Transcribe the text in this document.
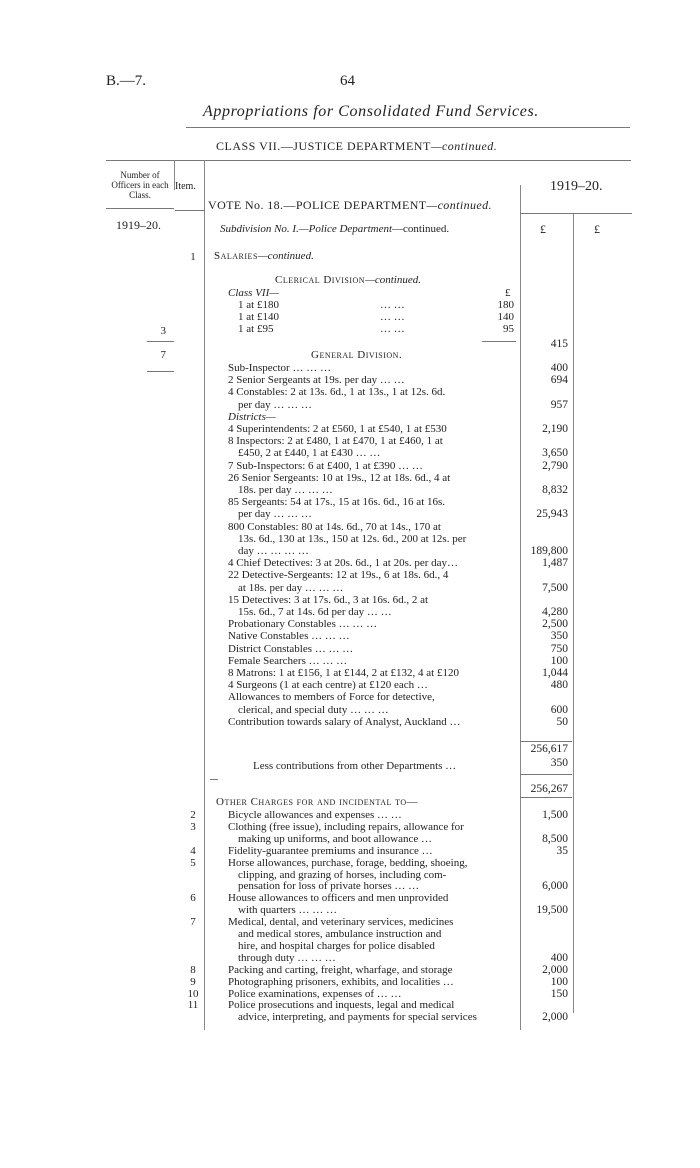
B.—7.	64
Appropriations for Consolidated Fund Services.
CLASS VII.—JUSTICE DEPARTMENT—continued.
Number of Officers in each Class.
Item.	1919–20.
VOTE No. 18.—POLICE DEPARTMENT—continued.
1919–20.	Subdivision No. I.—Police Department—continued.	£	£
1	Salaries—continued.
Clerical Division—continued.
Class VII—	£
1 at £180	… …	180
1 at £140	… …	140
1 at £95	… …	95
3
415
7	General Division.
Sub-Inspector … … …	400
2 Senior Sergeants at 19s. per day … …	694
4 Constables: 2 at 13s. 6d., 1 at 13s., 1 at 12s. 6d.
per day … … …	957
Districts—
4 Superintendents: 2 at £560, 1 at £540, 1 at £530	2,190
8 Inspectors: 2 at £480, 1 at £470, 1 at £460, 1 at
£450, 2 at £440, 1 at £430 … …	3,650
7 Sub-Inspectors: 6 at £400, 1 at £390 … …	2,790
26 Senior Sergeants: 10 at 19s., 12 at 18s. 6d., 4 at
18s. per day … … …	8,832
85 Sergeants: 54 at 17s., 15 at 16s. 6d., 16 at 16s.
per day … … …	25,943
800 Constables: 80 at 14s. 6d., 70 at 14s., 170 at
13s. 6d., 130 at 13s., 150 at 12s. 6d., 200 at 12s. per
day … … … …	189,800
4 Chief Detectives: 3 at 20s. 6d., 1 at 20s. per day…	1,487
22 Detective-Sergeants: 12 at 19s., 6 at 18s. 6d., 4
at 18s. per day … … …	7,500
15 Detectives: 3 at 17s. 6d., 3 at 16s. 6d., 2 at
15s. 6d., 7 at 14s. 6d per day … …	4,280
Probationary Constables … … …	2,500
Native Constables … … …	350
District Constables … … …	750
Female Searchers … … …	100
8 Matrons: 1 at £156, 1 at £144, 2 at £132, 4 at £120	1,044
4 Surgeons (1 at each centre) at £120 each …	480
Allowances to members of Force for detective,
clerical, and special duty … … …	600
Contribution towards salary of Analyst, Auckland …	50
256,617
Less contributions from other Departments …	350
256,267
Other Charges for and incidental to—
2	Bicycle allowances and expenses … …	1,500
3	Clothing (free issue), including repairs, allowance for
making up uniforms, and boot allowance …	8,500
4	Fidelity-guarantee premiums and insurance …	35
5	Horse allowances, purchase, forage, bedding, shoeing,
clipping, and grazing of horses, including com-
pensation for loss of private horses … …	6,000
6	House allowances to officers and men unprovided
with quarters … … …	19,500
7	Medical, dental, and veterinary services, medicines
and medical stores, ambulance instruction and
hire, and hospital charges for police disabled
through duty … … …	400
8	Packing and carting, freight, wharfage, and storage	2,000
9	Photographing prisoners, exhibits, and localities …	100
10	Police examinations, expenses of … …	150
11	Police prosecutions and inquests, legal and medical
advice, interpreting, and payments for special services	2,000
